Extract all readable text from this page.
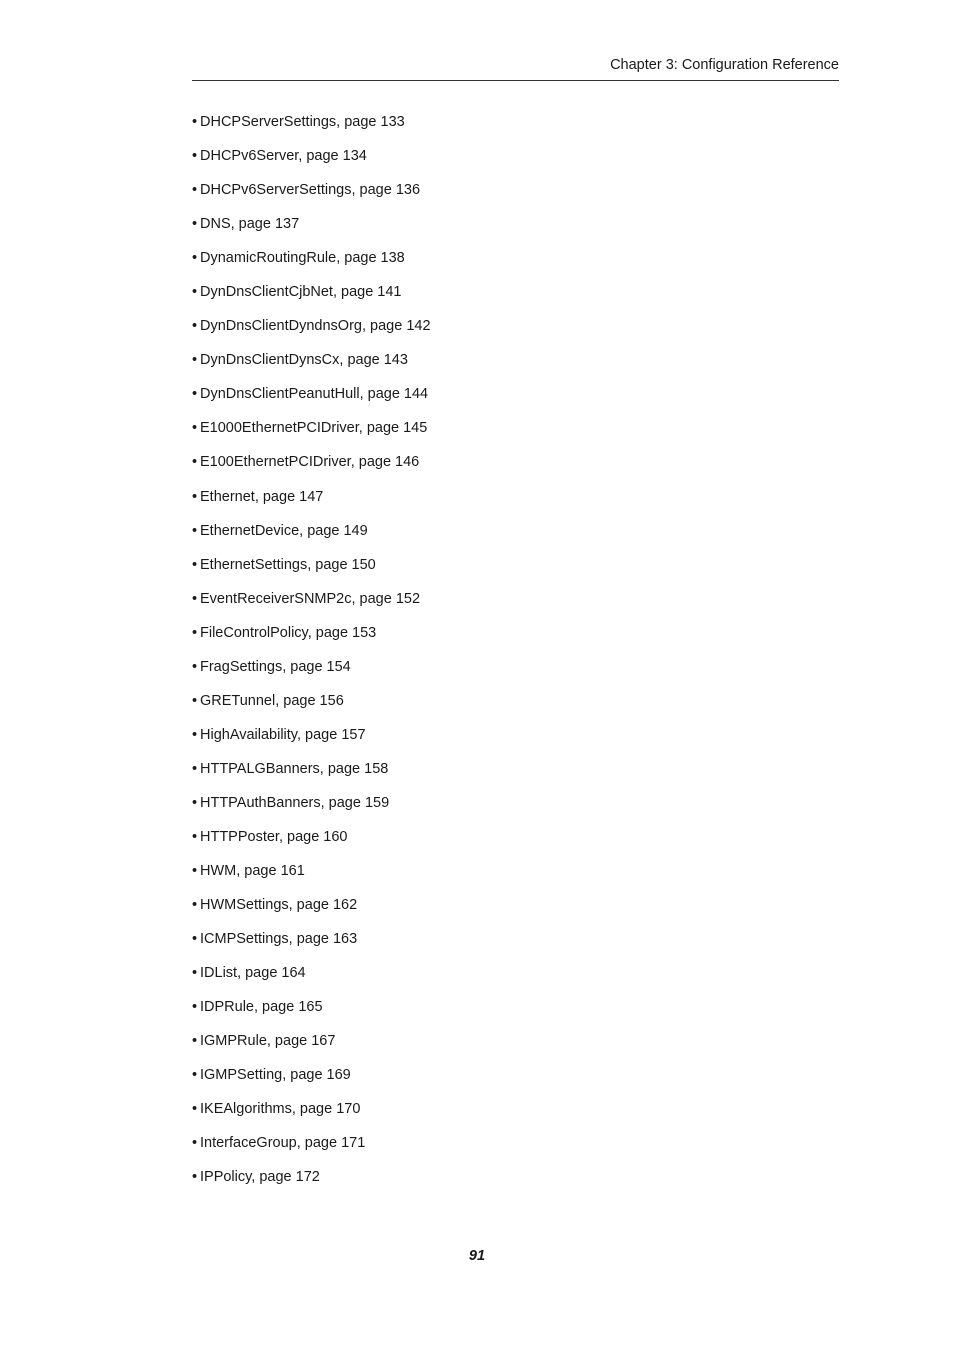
Chapter 3: Configuration Reference
• DHCPServerSettings, page 133
• DHCPv6Server, page 134
• DHCPv6ServerSettings, page 136
• DNS, page 137
• DynamicRoutingRule, page 138
• DynDnsClientCjbNet, page 141
• DynDnsClientDyndnsOrg, page 142
• DynDnsClientDynsCx, page 143
• DynDnsClientPeanutHull, page 144
• E1000EthernetPCIDriver, page 145
• E100EthernetPCIDriver, page 146
• Ethernet, page 147
• EthernetDevice, page 149
• EthernetSettings, page 150
• EventReceiverSNMP2c, page 152
• FileControlPolicy, page 153
• FragSettings, page 154
• GRETunnel, page 156
• HighAvailability, page 157
• HTTPALGBanners, page 158
• HTTPAuthBanners, page 159
• HTTPPoster, page 160
• HWM, page 161
• HWMSettings, page 162
• ICMPSettings, page 163
• IDList, page 164
• IDPRule, page 165
• IGMPRule, page 167
• IGMPSetting, page 169
• IKEAlgorithms, page 170
• InterfaceGroup, page 171
• IPPolicy, page 172
91
